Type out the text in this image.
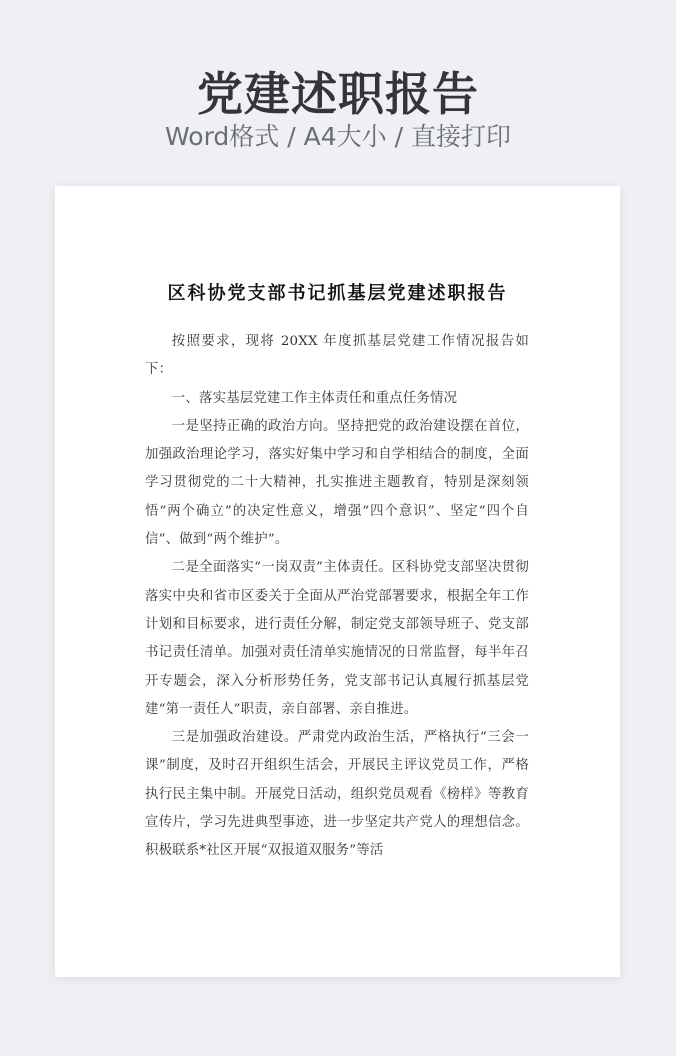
党建述职报告
Word格式 / A4大小 / 直接打印
区科协党支部书记抓基层党建述职报告

按照要求，现将 20XX 年度抓基层党建工作情况报告如下：

一、落实基层党建工作主体责任和重点任务情况

一是坚持正确的政治方向。坚持把党的政治建设摆在首位，加强政治理论学习，落实好集中学习和自学相结合的制度，全面学习贯彻党的二十大精神，扎实推进主题教育，特别是深刻领悟“两个确立”的决定性意义，增强“四个意识”、坚定“四个自信”、做到“两个维护”。

二是全面落实“一岗双责”主体责任。区科协党支部坚决贯彻落实中央和省市区委关于全面从严治党部署要求，根据全年工作计划和目标要求，进行责任分解，制定党支部领导班子、党支部书记责任清单。加强对责任清单实施情况的日常监督，每半年召开专题会，深入分析形势任务，党支部书记认真履行抓基层党建“第一责任人”职责，亲自部署、亲自推进。

三是加强政治建设。严肃党内政治生活，严格执行“三会一课”制度，及时召开组织生活会，开展民主评议党员工作，严格执行民主集中制。开展党日活动，组织党员观看《榜样》等教育宣传片，学习先进典型事迹，进一步坚定共产党人的理想信念。积极联系*社区开展“双报道双服务”等活
